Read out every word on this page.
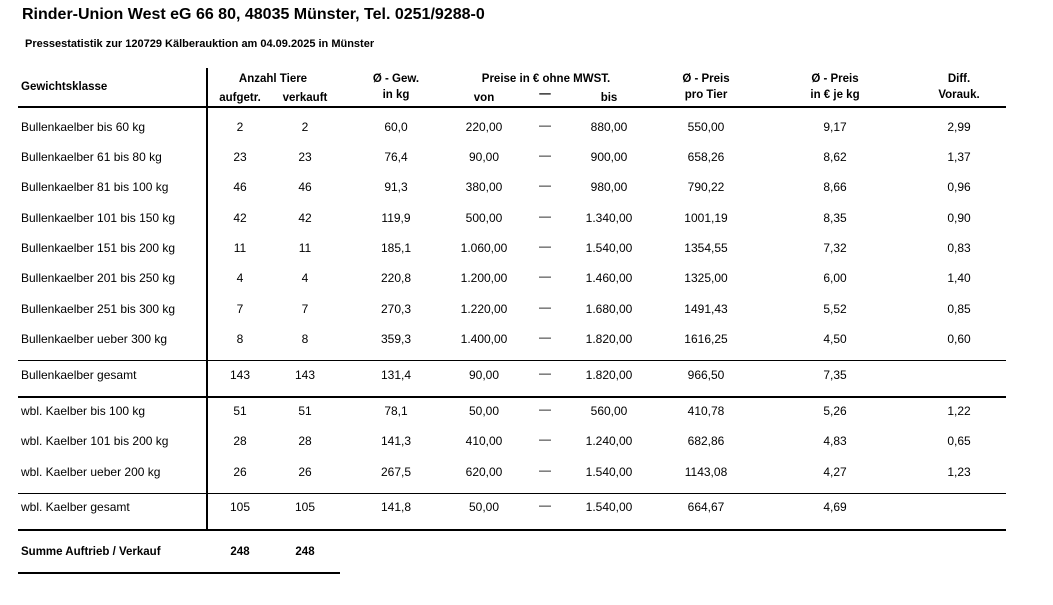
Rinder-Union West eG 66 80, 48035 Münster, Tel. 0251/9288-0
Pressestatistik zur 120729 Kälberauktion am 04.09.2025 in Münster
Gewichtsklasse
Anzahl Tiere
aufgetr. verkauft
Ø - Gew.
in kg
Preise in € ohne MWST.
von	—	bis
Ø - Preis
pro Tier
Ø - Preis
in € je kg
Diff.
Vorauk.
Bullenkaelber bis 60 kg	2	2	60,0	220,00	—	880,00	550,00	9,17	2,99
Bullenkaelber 61 bis 80 kg	23	23	76,4	90,00	—	900,00	658,26	8,62	1,37
Bullenkaelber 81 bis 100 kg	46	46	91,3	380,00	—	980,00	790,22	8,66	0,96
Bullenkaelber 101 bis 150 kg	42	42	119,9	500,00	—	1.340,00	1001,19	8,35	0,90
Bullenkaelber 151 bis 200 kg	11	11	185,1	1.060,00	—	1.540,00	1354,55	7,32	0,83
Bullenkaelber 201 bis 250 kg	4	4	220,8	1.200,00	—	1.460,00	1325,00	6,00	1,40
Bullenkaelber 251 bis 300 kg	7	7	270,3	1.220,00	—	1.680,00	1491,43	5,52	0,85
Bullenkaelber ueber 300 kg	8	8	359,3	1.400,00	—	1.820,00	1616,25	4,50	0,60
Bullenkaelber gesamt	143	143	131,4	90,00	—	1.820,00	966,50	7,35
wbl. Kaelber bis 100 kg	51	51	78,1	50,00	—	560,00	410,78	5,26	1,22
wbl. Kaelber 101 bis 200 kg	28	28	141,3	410,00	—	1.240,00	682,86	4,83	0,65
wbl. Kaelber ueber 200 kg	26	26	267,5	620,00	—	1.540,00	1143,08	4,27	1,23
wbl. Kaelber gesamt	105	105	141,8	50,00	—	1.540,00	664,67	4,69
Summe Auftrieb / Verkauf	248	248
